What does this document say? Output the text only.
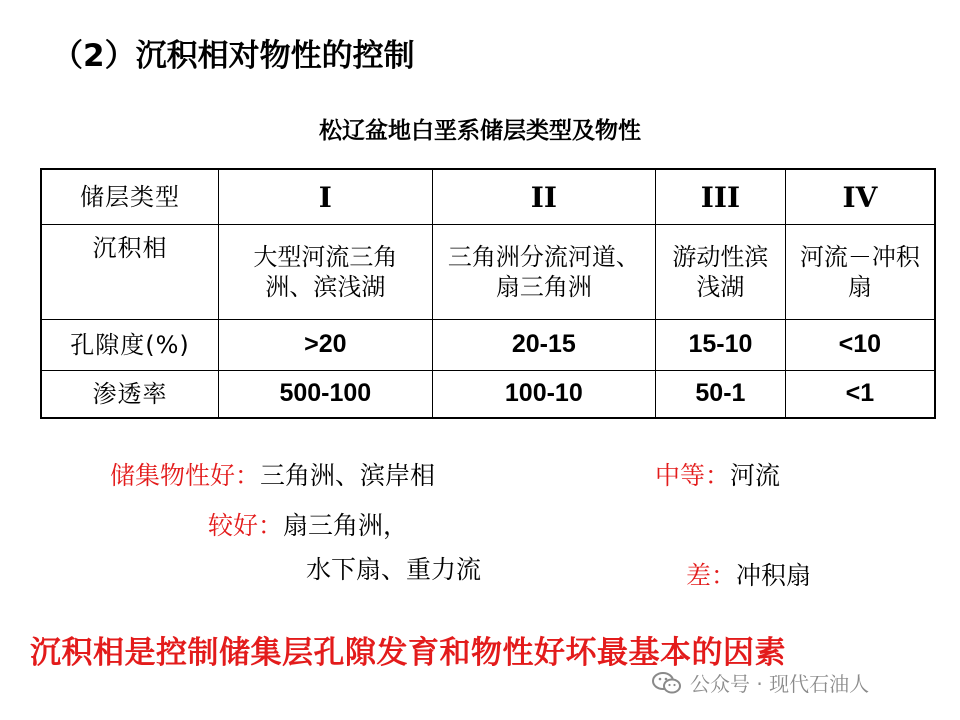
（2）沉积相对物性的控制
松辽盆地白垩系储层类型及物性
储层类型	I	II	III	IV
沉积相	大型河流三角洲、滨浅湖	三角洲分流河道、扇三角洲	游动性滨浅湖	河流－冲积扇
孔隙度(%)	>20	20-15	15-10	<10
渗透率	500-100	100-10	50-1	<1
储集物性好：三角洲、滨岸相	中等：河流
较好：扇三角洲，
水下扇、重力流	差：冲积扇
沉积相是控制储集层孔隙发育和物性好坏最基本的因素
公众号 · 现代石油人
